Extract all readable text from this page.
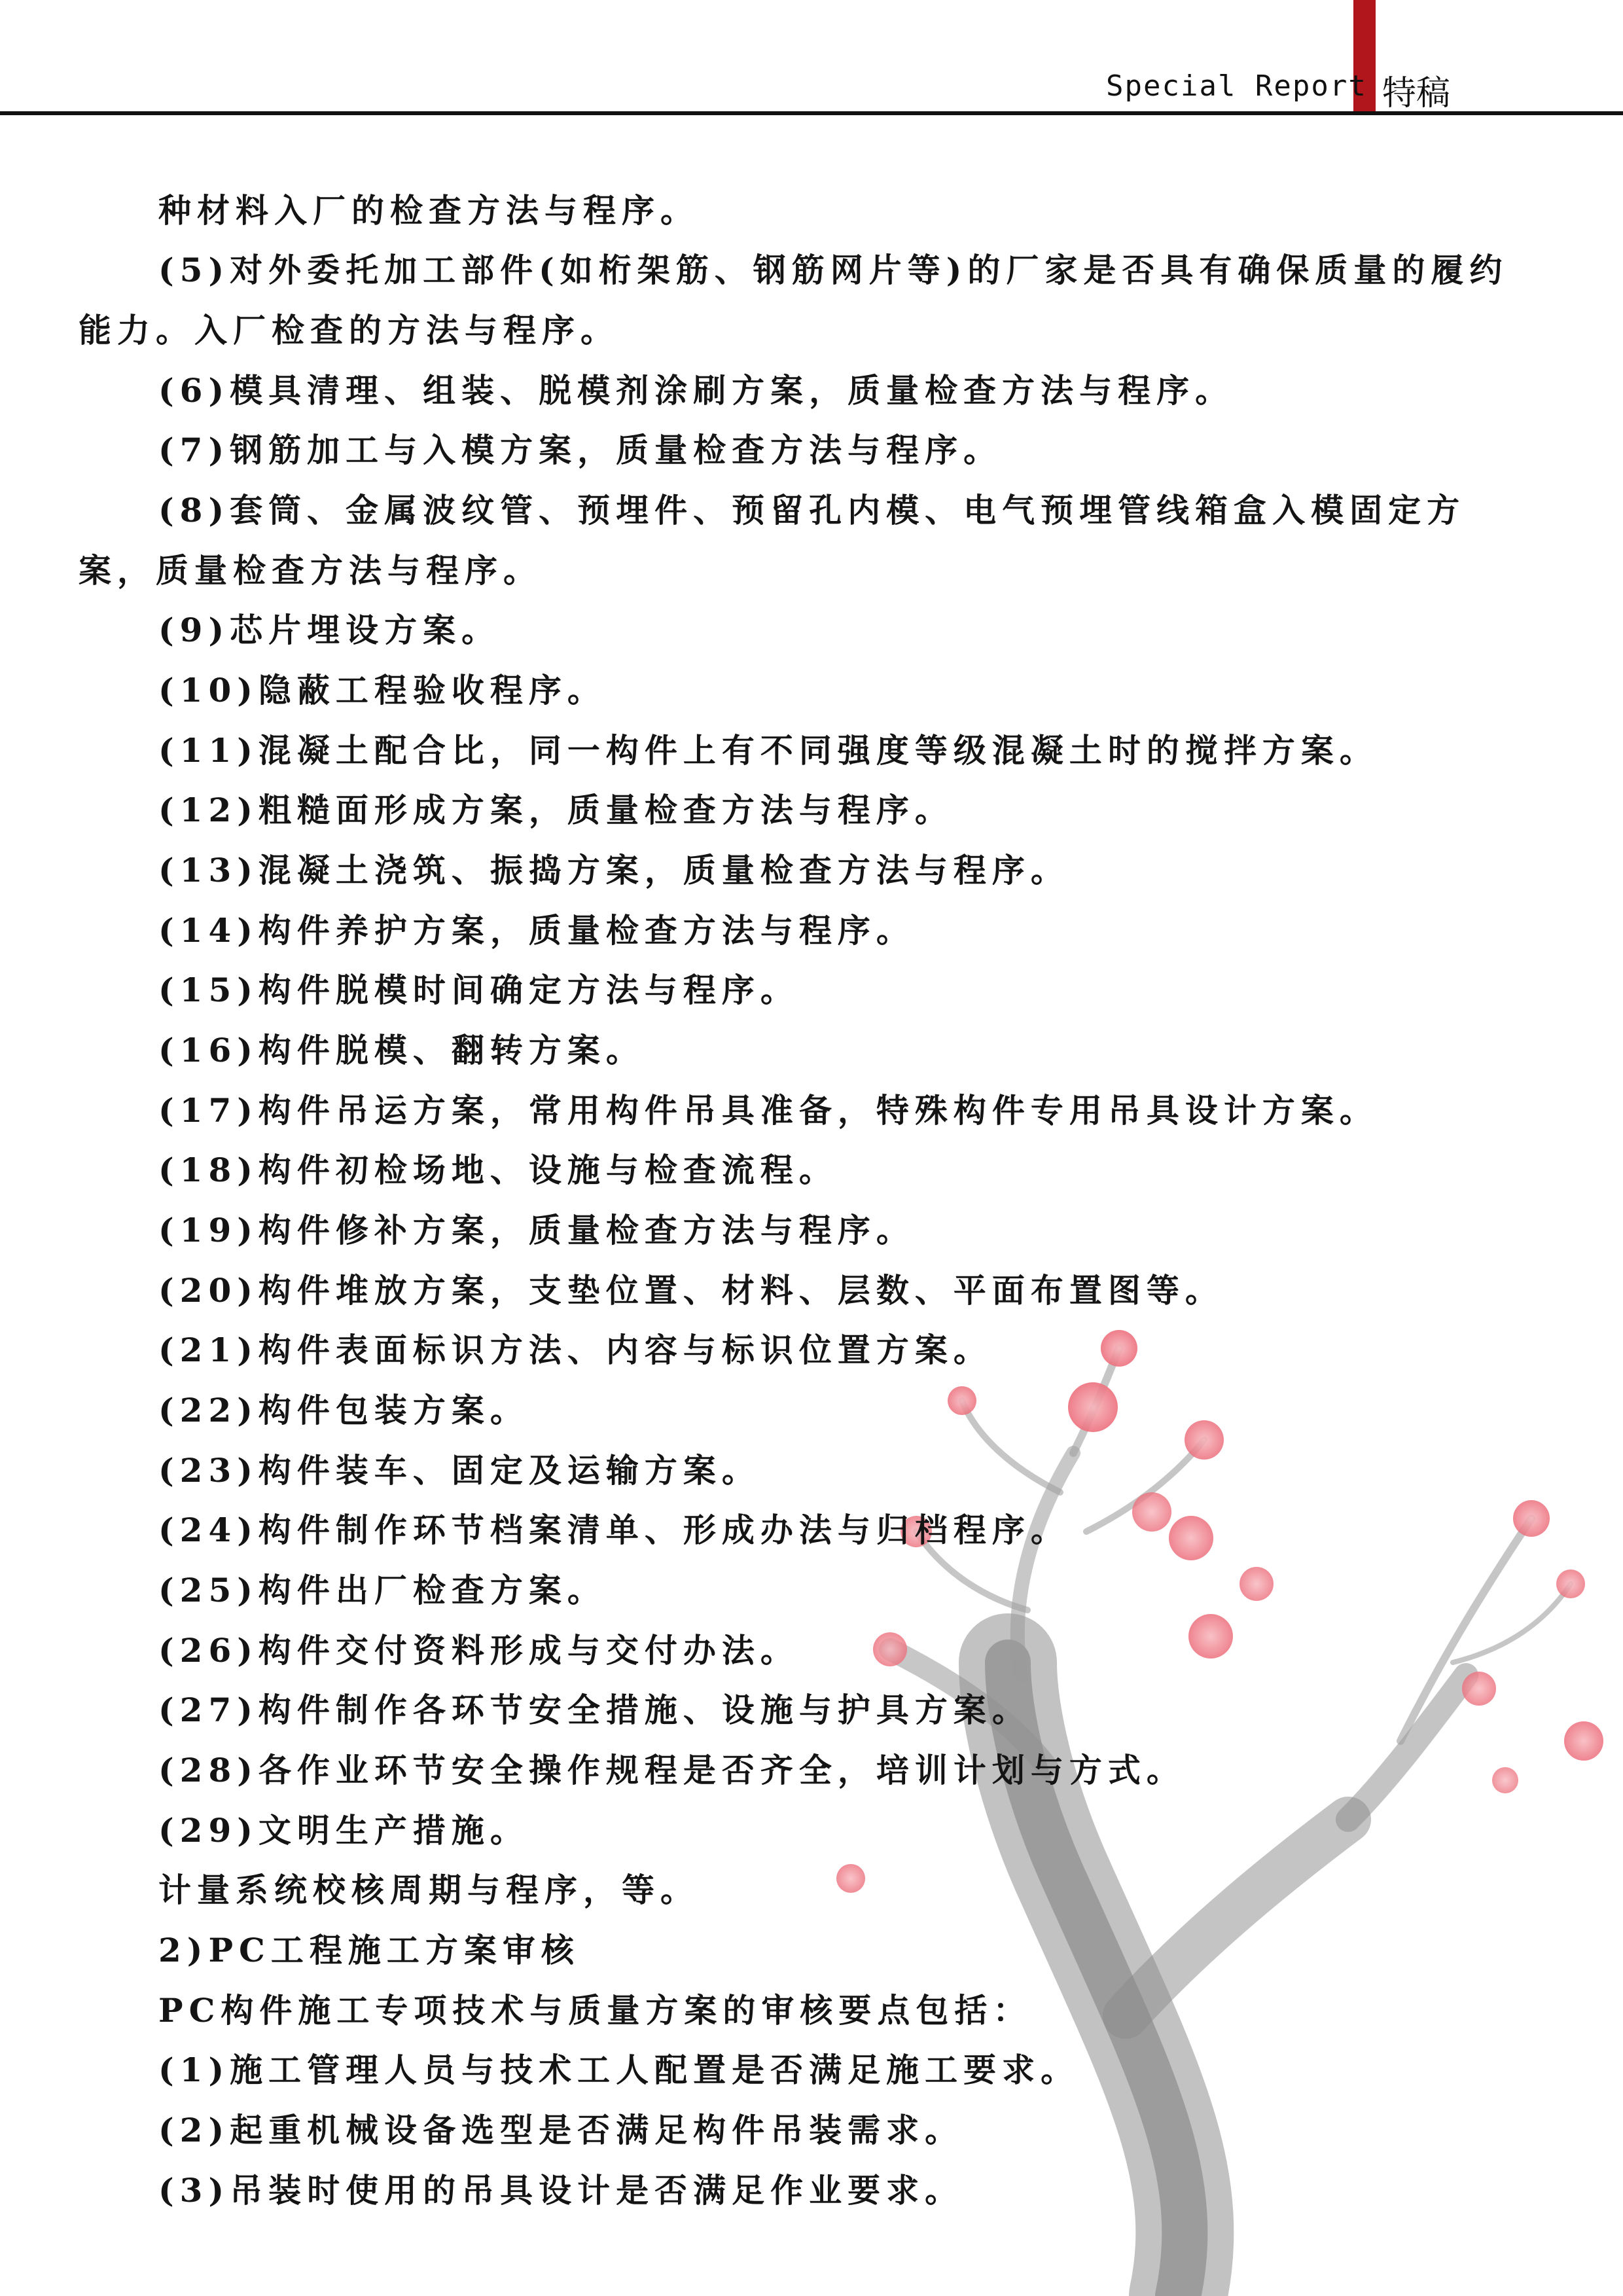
Special Report 特稿
种材料入厂的检查方法与程序。
(5)对外委托加工部件(如桁架筋、钢筋网片等)的厂家是否具有确保质量的履约
能力。入厂检查的方法与程序。
(6)模具清理、组装、脱模剂涂刷方案，质量检查方法与程序。
(7)钢筋加工与入模方案，质量检查方法与程序。
(8)套筒、金属波纹管、预埋件、预留孔内模、电气预埋管线箱盒入模固定方
案，质量检查方法与程序。
(9)芯片埋设方案。
(10)隐蔽工程验收程序。
(11)混凝土配合比，同一构件上有不同强度等级混凝土时的搅拌方案。
(12)粗糙面形成方案，质量检查方法与程序。
(13)混凝土浇筑、振捣方案，质量检查方法与程序。
(14)构件养护方案，质量检查方法与程序。
(15)构件脱模时间确定方法与程序。
(16)构件脱模、翻转方案。
(17)构件吊运方案，常用构件吊具准备，特殊构件专用吊具设计方案。
(18)构件初检场地、设施与检查流程。
(19)构件修补方案，质量检查方法与程序。
(20)构件堆放方案，支垫位置、材料、层数、平面布置图等。
(21)构件表面标识方法、内容与标识位置方案。
(22)构件包装方案。
(23)构件装车、固定及运输方案。
(24)构件制作环节档案清单、形成办法与归档程序。
(25)构件出厂检查方案。
(26)构件交付资料形成与交付办法。
(27)构件制作各环节安全措施、设施与护具方案。
(28)各作业环节安全操作规程是否齐全，培训计划与方式。
(29)文明生产措施。
计量系统校核周期与程序，等。
2)PC工程施工方案审核
PC构件施工专项技术与质量方案的审核要点包括：
(1)施工管理人员与技术工人配置是否满足施工要求。
(2)起重机械设备选型是否满足构件吊装需求。
(3)吊装时使用的吊具设计是否满足作业要求。
